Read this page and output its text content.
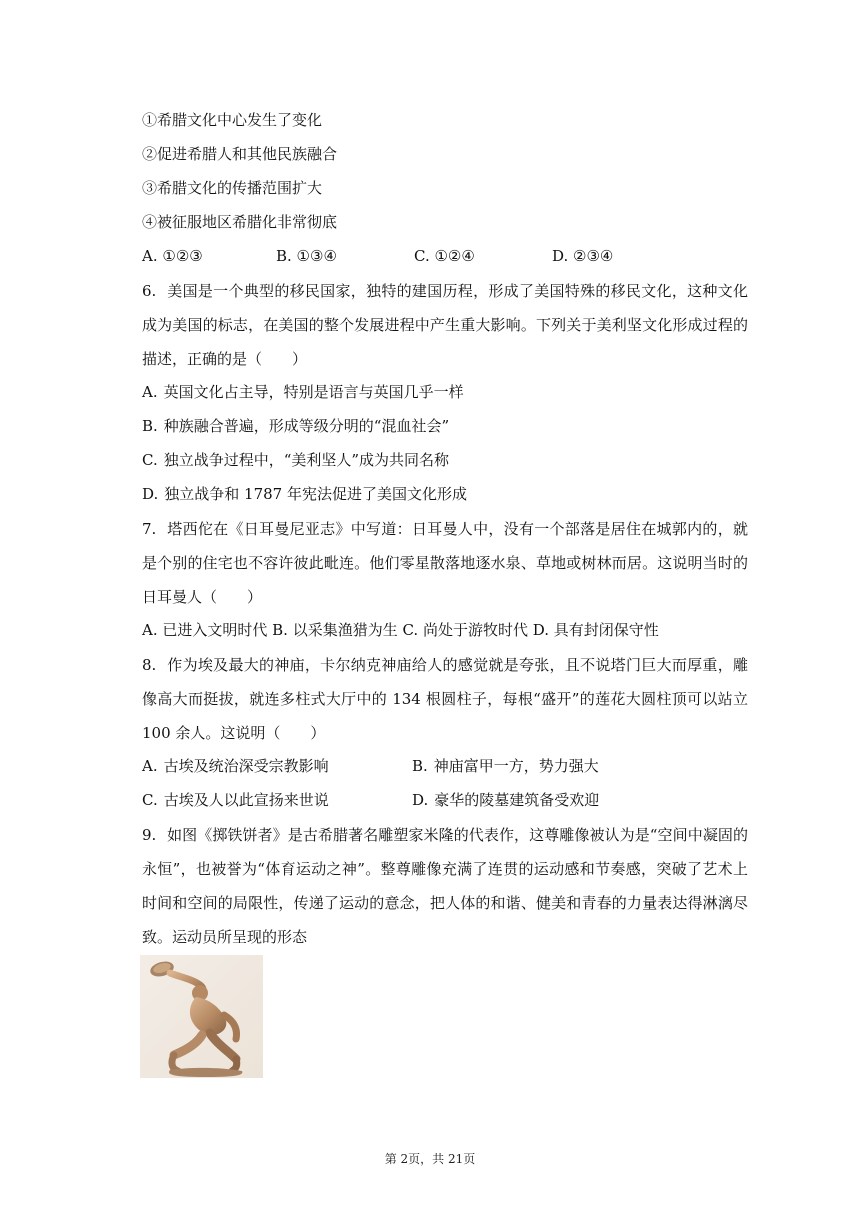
①希腊文化中心发生了变化
②促进希腊人和其他民族融合
③希腊文化的传播范围扩大
④被征服地区希腊化非常彻底
A. ①②③	B. ①③④	C. ①②④	D. ②③④
6. 美国是一个典型的移民国家，独特的建国历程，形成了美国特殊的移民文化，这种文化成为美国的标志，在美国的整个发展进程中产生重大影响。下列关于美利坚文化形成过程的描述，正确的是（　　）
A. 英国文化占主导，特别是语言与英国几乎一样
B. 种族融合普遍，形成等级分明的“混血社会”
C. 独立战争过程中，“美利坚人”成为共同名称
D. 独立战争和 1787 年宪法促进了美国文化形成
7. 塔西佗在《日耳曼尼亚志》中写道：日耳曼人中，没有一个部落是居住在城郭内的，就是个别的住宅也不容许彼此毗连。他们零星散落地逐水泉、草地或树林而居。这说明当时的日耳曼人（　　）
A. 已进入文明时代 B. 以采集渔猎为生 C. 尚处于游牧时代 D. 具有封闭保守性
8. 作为埃及最大的神庙，卡尔纳克神庙给人的感觉就是夸张，且不说塔门巨大而厚重，雕像高大而挺拔，就连多柱式大厅中的 134 根圆柱子，每根“盛开”的莲花大圆柱顶可以站立 100 余人。这说明（　　）
A. 古埃及统治深受宗教影响	B. 神庙富甲一方，势力强大
C. 古埃及人以此宣扬来世说	D. 豪华的陵墓建筑备受欢迎
9. 如图《掷铁饼者》是古希腊著名雕塑家米隆的代表作，这尊雕像被认为是“空间中凝固的永恒”，也被誉为“体育运动之神”。整尊雕像充满了连贯的运动感和节奏感，突破了艺术上时间和空间的局限性，传递了运动的意念，把人体的和谐、健美和青春的力量表达得淋漓尽致。运动员所呈现的形态
第 2页，共 21页
